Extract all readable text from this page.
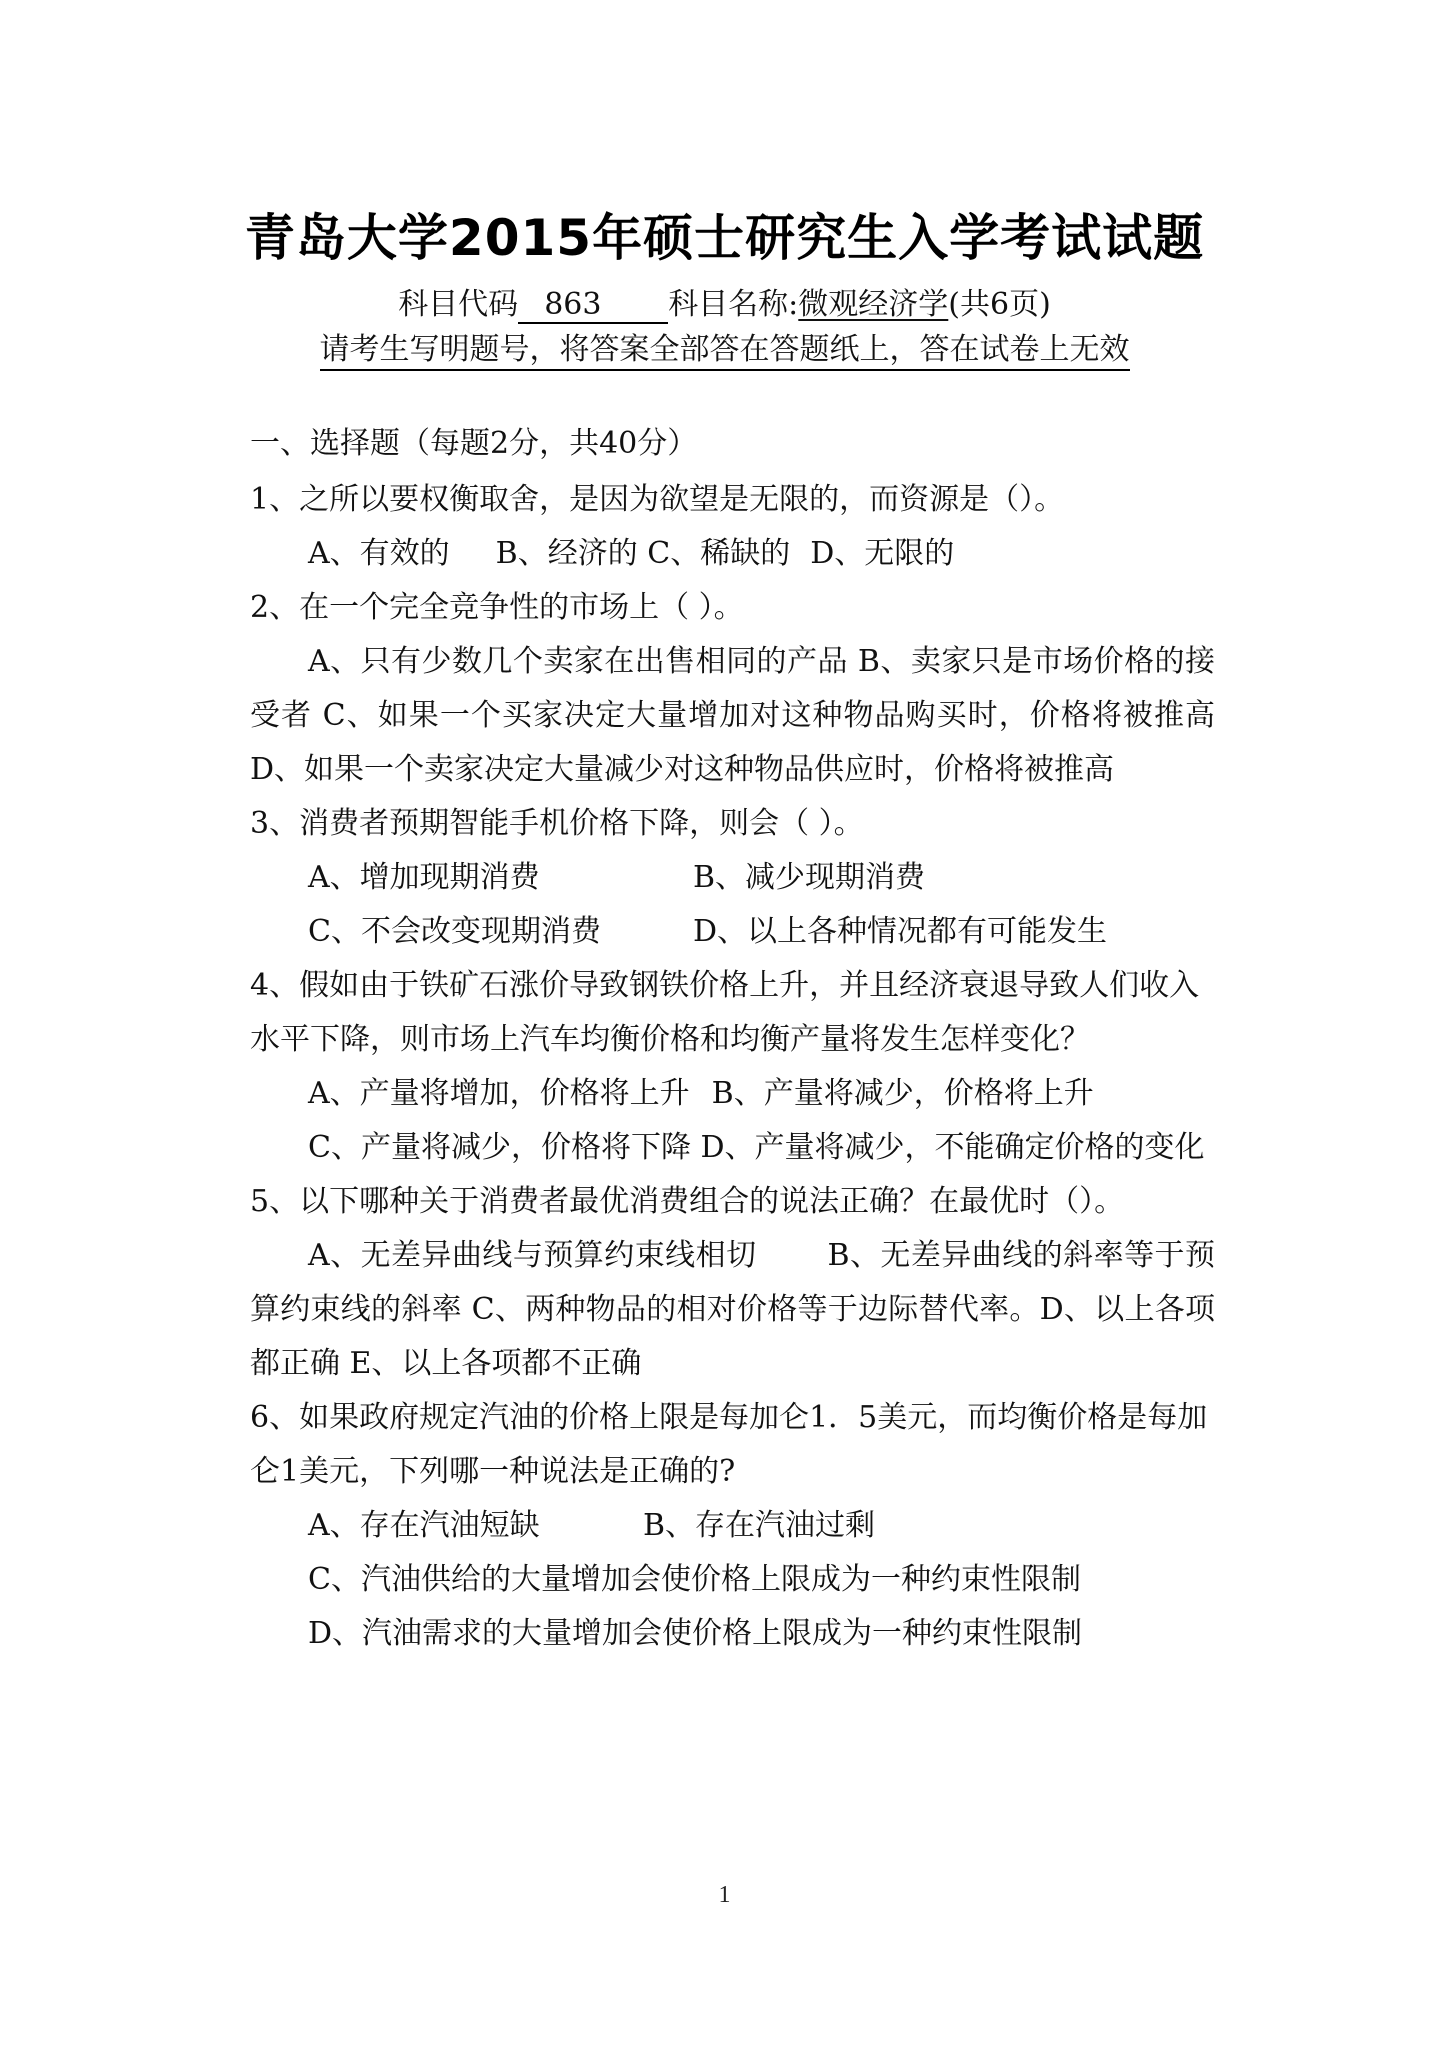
青岛大学2015年硕士研究生入学考试试题
科目代码 863 科目名称:微观经济学(共6页)
请考生写明题号，将答案全部答在答题纸上，答在试卷上无效
一、选择题（每题2分，共40分）

1、之所以要权衡取舍，是因为欲望是无限的，而资源是（）。

A、有效的 B、经济的 C、稀缺的 D、无限的

2、在一个完全竞争性的市场上（ ）。

A、只有少数几个卖家在出售相同的产品 B、卖家只是市场价格的接受者 C、如果一个买家决定大量增加对这种物品购买时，价格将被推高 D、如果一个卖家决定大量减少对这种物品供应时，价格将被推高

3、消费者预期智能手机价格下降，则会（ ）。

A、增加现期消费	B、减少现期消费
C、不会改变现期消费	D、以上各种情况都有可能发生

4、假如由于铁矿石涨价导致钢铁价格上升，并且经济衰退导致人们收入水平下降，则市场上汽车均衡价格和均衡产量将发生怎样变化？

A、产量将增加，价格将上升 B、产量将减少，价格将上升

C、产量将减少，价格将下降 D、产量将减少，不能确定价格的变化

5、以下哪种关于消费者最优消费组合的说法正确？在最优时（）。

A、无差异曲线与预算约束线相切　　 B、无差异曲线的斜率等于预算约束线的斜率 C、两种物品的相对价格等于边际替代率。D、以上各项都正确 E、以上各项都不正确

6、如果政府规定汽油的价格上限是每加仑1．5美元，而均衡价格是每加仑1美元，下列哪一种说法是正确的?

A、存在汽油短缺	B、存在汽油过剩

C、汽油供给的大量增加会使价格上限成为一种约束性限制

D、汽油需求的大量增加会使价格上限成为一种约束性限制

1
